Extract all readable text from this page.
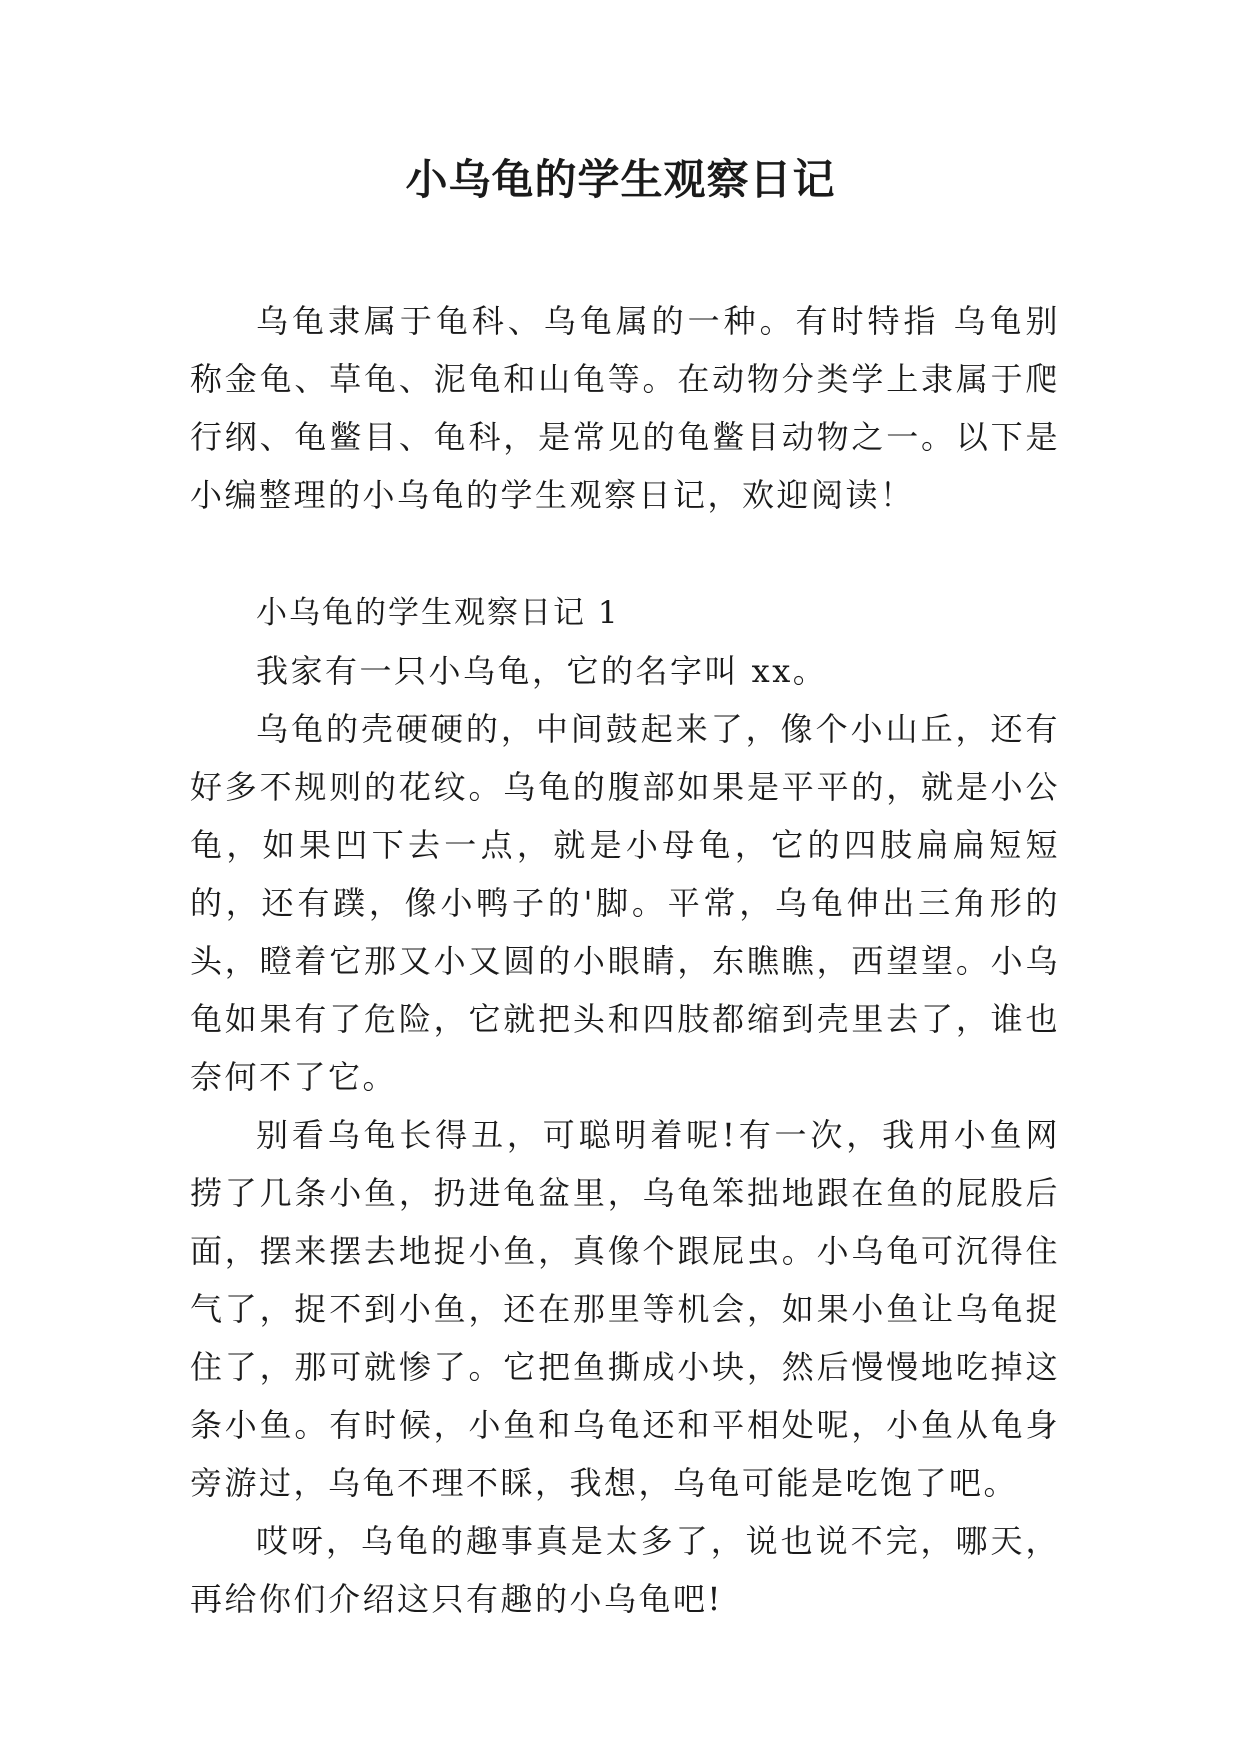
小乌龟的学生观察日记

乌龟隶属于龟科、乌龟属的一种。有时特指 乌龟别称金龟、草龟、泥龟和山龟等。在动物分类学上隶属于爬行纲、龟鳖目、龟科，是常见的龟鳖目动物之一。以下是小编整理的小乌龟的学生观察日记，欢迎阅读！

小乌龟的学生观察日记 1

我家有一只小乌龟，它的名字叫 xx。

乌龟的壳硬硬的，中间鼓起来了，像个小山丘，还有好多不规则的花纹。乌龟的腹部如果是平平的，就是小公龟，如果凹下去一点，就是小母龟，它的四肢扁扁短短的，还有蹼，像小鸭子的'脚。平常，乌龟伸出三角形的头，瞪着它那又小又圆的小眼睛，东瞧瞧，西望望。小乌龟如果有了危险，它就把头和四肢都缩到壳里去了，谁也奈何不了它。

别看乌龟长得丑，可聪明着呢!有一次，我用小鱼网捞了几条小鱼，扔进龟盆里，乌龟笨拙地跟在鱼的屁股后面，摆来摆去地捉小鱼，真像个跟屁虫。小乌龟可沉得住气了，捉不到小鱼，还在那里等机会，如果小鱼让乌龟捉住了，那可就惨了。它把鱼撕成小块，然后慢慢地吃掉这条小鱼。有时候，小鱼和乌龟还和平相处呢，小鱼从龟身旁游过，乌龟不理不睬，我想，乌龟可能是吃饱了吧。

哎呀，乌龟的趣事真是太多了，说也说不完，哪天，再给你们介绍这只有趣的小乌龟吧!
